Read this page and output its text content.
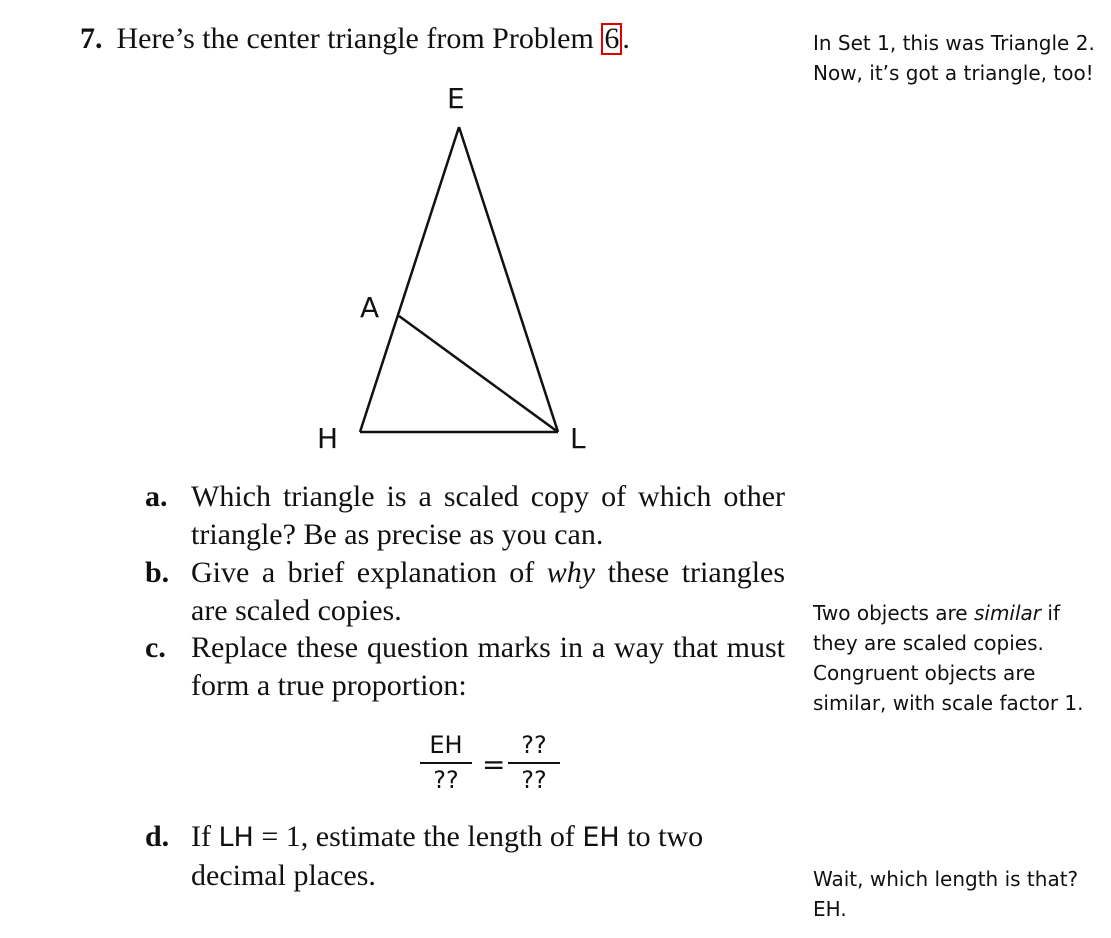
7. Here’s the center triangle from Problem 6 .	In Set 1, this was Triangle 2.
Now, it’s got a triangle, too!
E
A
H	L
a. Which triangle is a scaled copy of which other triangle? Be as precise as you can.
b. Give a brief explanation of why these triangles are scaled copies.
c. Replace these question marks in a way that must form a true proportion:
Two objects are similar if they are scaled copies. Congruent objects are similar, with scale factor 1.
EH
?? =
??
??
d. If LH = 1, estimate the length of EH to two decimal places.	Wait, which length is that?
EH.
